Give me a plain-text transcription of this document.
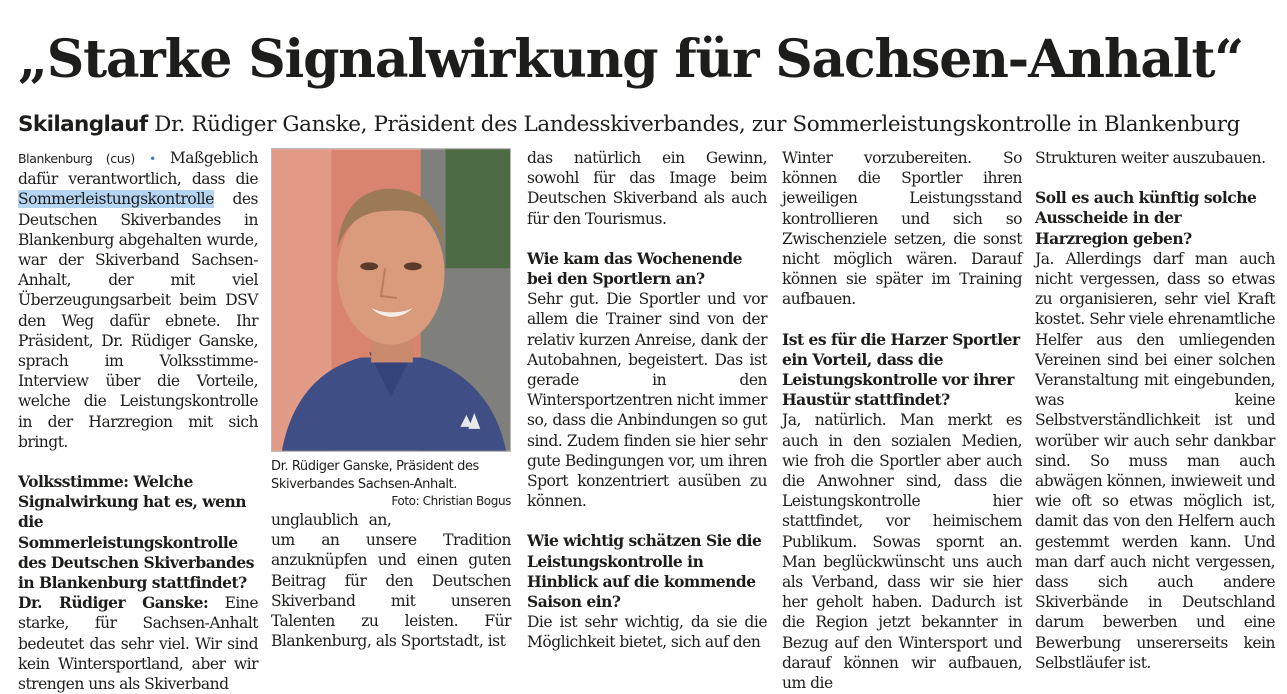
„Starke Signalwirkung für Sachsen-Anhalt“
Skilanglauf Dr. Rüdiger Ganske, Präsident des Landesskiverbandes, zur Sommerleistungskontrolle in Blankenburg

Blankenburg (cus) • Maßgeblich dafür verantwortlich, dass die Sommerleistungskontrolle des Deutschen Skiverbandes in Blankenburg abgehalten wurde, war der Skiverband Sachsen-Anhalt, der mit viel Überzeugungsarbeit beim DSV den Weg dafür ebnete. Ihr Präsident, Dr. Rüdiger Ganske, sprach im Volksstimme-Interview über die Vorteile, welche die Leistungskontrolle in der Harzregion mit sich bringt.

Volksstimme: Welche Signalwirkung hat es, wenn die Sommerleistungskontrolle des Deutschen Skiverbandes in Blankenburg stattfindet?

Dr. Rüdiger Ganske: Eine starke, für Sachsen-Anhalt bedeutet das sehr viel. Wir sind kein Wintersportland, aber wir strengen uns als Skiverband

Dr. Rüdiger Ganske, Präsident des Skiverbandes Sachsen-Anhalt.
Foto: Christian Bogus

unglaublich an, um an unsere Tradition anzuknüpfen und einen guten Beitrag für den Deutschen Skiverband mit unseren Talenten zu leisten. Für Blankenburg, als Sportstadt, ist

das natürlich ein Gewinn, sowohl für das Image beim Deutschen Skiverband als auch für den Tourismus.

Wie kam das Wochenende bei den Sportlern an?

Sehr gut. Die Sportler und vor allem die Trainer sind von der relativ kurzen Anreise, dank der Autobahnen, begeistert. Das ist gerade in den Wintersportzentren nicht immer so, dass die Anbindungen so gut sind. Zudem finden sie hier sehr gute Bedingungen vor, um ihren Sport konzentriert ausüben zu können.

Wie wichtig schätzen Sie die Leistungskontrolle in Hinblick auf die kommende Saison ein?

Die ist sehr wichtig, da sie die Möglichkeit bietet, sich auf den

Winter vorzubereiten. So können die Sportler ihren jeweiligen Leistungsstand kontrollieren und sich so Zwischenziele setzen, die sonst nicht möglich wären. Darauf können sie später im Training aufbauen.

Ist es für die Harzer Sportler ein Vorteil, dass die Leistungskontrolle vor ihrer Haustür stattfindet?

Ja, natürlich. Man merkt es auch in den sozialen Medien, wie froh die Sportler aber auch die Anwohner sind, dass die Leistungskontrolle hier stattfindet, vor heimischem Publikum. Sowas spornt an. Man beglückwünscht uns auch als Verband, dass wir sie hier her geholt haben. Dadurch ist die Region jetzt bekannter in Bezug auf den Wintersport und darauf können wir aufbauen, um die

Strukturen weiter auszubauen.

Soll es auch künftig solche Ausscheide in der Harzregion geben?

Ja. Allerdings darf man auch nicht vergessen, dass so etwas zu organisieren, sehr viel Kraft kostet. Sehr viele ehrenamtliche Helfer aus den umliegenden Vereinen sind bei einer solchen Veranstaltung mit eingebunden, was keine Selbstverständlichkeit ist und worüber wir auch sehr dankbar sind. So muss man auch abwägen können, inwieweit und wie oft so etwas möglich ist, damit das von den Helfern auch gestemmt werden kann. Und man darf auch nicht vergessen, dass sich auch andere Skiverbände in Deutschland darum bewerben und eine Bewerbung unsererseits kein Selbstläufer ist.
